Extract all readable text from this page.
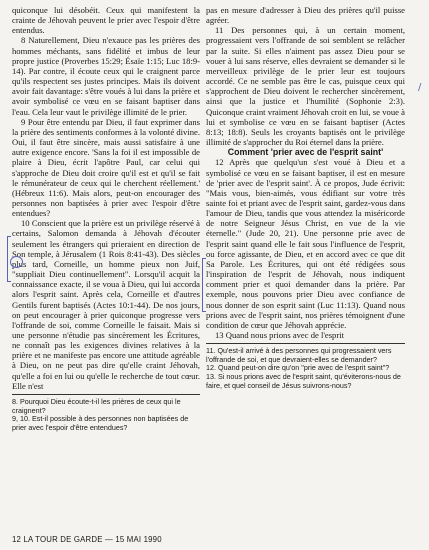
quiconque lui désobéit. Ceux qui manifestent la crainte de Jéhovah peuvent le prier avec l'espoir d'être entendus.

8 Naturellement, Dieu n'exauce pas les prières des hommes méchants, sans fidélité et imbus de leur propre justice (Proverbes 15:29; Ésaïe 1:15; Luc 18:9-14). Par contre, il écoute ceux qui le craignent parce qu'ils respectent ses justes principes. Mais ils doivent avoir fait davantage: s'être voués à lui dans la prière et avoir symbolisé ce vœu en se faisant baptiser dans l'eau. Cela leur vaut le privilège illimité de le prier.

9 Pour être entendu par Dieu, il faut exprimer dans la prière des sentiments conformes à la volonté divine. Oui, il faut être sincère, mais aussi satisfaire à une autre exigence encore. 'Sans la foi il est impossible de plaire à Dieu, écrit l'apôtre Paul, car celui qui s'approche de Dieu doit croire qu'il est et qu'il se fait le rémunérateur de ceux qui le cherchent réellement.' (Hébreux 11:6). Mais alors, peut-on encourager des personnes non baptisées à prier avec l'espoir d'être entendues?

10 Conscient que la prière est un privilège réservé à certains, Salomon demanda à Jéhovah d'écouter seulement les étrangers qui prieraient en direction de Son temple, à Jérusalem (1 Rois 8:41-43). Des siècles plus tard, Corneille, un homme pieux non Juif, "suppliait Dieu continuellement". Lorsqu'il acquit la connaissance exacte, il se voua à Dieu, qui lui accorda alors l'esprit saint. Après cela, Corneille et d'autres Gentils furent baptisés (Actes 10:1-44). De nos jours, on peut encourager à prier quiconque progresse vers l'offrande de soi, comme Corneille le faisait. Mais si une personne n'étudie pas sincèrement les Écritures, ne connaît pas les exigences divines relatives à la prière et ne manifeste pas encore une attitude agréable à Dieu, on ne peut pas dire qu'elle craint Jéhovah, qu'elle a foi en lui ou qu'elle le recherche de tout cœur. Elle n'est

8. Pourquoi Dieu écoute-t-il les prières de ceux qui le craignent?

9, 10. Est-il possible à des personnes non baptisées de prier avec l'espoir d'être entendues?

pas en mesure d'adresser à Dieu des prières qu'il puisse agréer.

11 Des personnes qui, à un certain moment, progressaient vers l'offrande de soi semblent se relâcher par la suite. Si elles n'aiment pas assez Dieu pour se vouer à lui sans réserve, elles devraient se demander si le merveilleux privilège de le prier leur est toujours accordé. Ce ne semble pas être le cas, puisque ceux qui s'approchent de Dieu doivent le rechercher sincèrement, ainsi que la justice et l'humilité (Sophonie 2:3). Quiconque craint vraiment Jéhovah croit en lui, se voue à lui et symbolise ce vœu en se faisant baptiser (Actes 8:13; 18:8). Seuls les croyants baptisés ont le privilège illimité de s'approcher du Roi éternel dans la prière.

Comment 'prier avec de l'esprit saint'

12 Après que quelqu'un s'est voué à Dieu et a symbolisé ce vœu en se faisant baptiser, il est en mesure de 'prier avec de l'esprit saint'. À ce propos, Jude écrivit: "Mais vous, bien-aimés, vous édifiant sur votre très sainte foi et priant avec de l'esprit saint, gardez-vous dans l'amour de Dieu, tandis que vous attendez la miséricorde de notre Seigneur Jésus Christ, en vue de la vie éternelle." (Jude 20, 21). Une personne prie avec de l'esprit saint quand elle le fait sous l'influence de l'esprit, ou force agissante, de Dieu, et en accord avec ce que dit Sa Parole. Les Écritures, qui ont été rédigées sous l'inspiration de l'esprit de Jéhovah, nous indiquent comment prier et quoi demander dans la prière. Par exemple, nous pouvons prier Dieu avec confiance de nous donner de son esprit saint (Luc 11:13). Quand nous prions avec de l'esprit saint, nos prières témoignent d'une condition de cœur que Jéhovah apprécie.

13 Quand nous prions avec de l'esprit

11. Qu'est-il arrivé à des personnes qui progressaient vers l'offrande de soi, et que devraient-elles se demander?

12. Quand peut-on dire qu'on "prie avec de l'esprit saint"?

13. Si nous prions avec de l'esprit saint, qu'éviterons-nous de faire, et quel conseil de Jésus suivrons-nous?

/
12 LA TOUR DE GARDE — 15 MAI 1990
